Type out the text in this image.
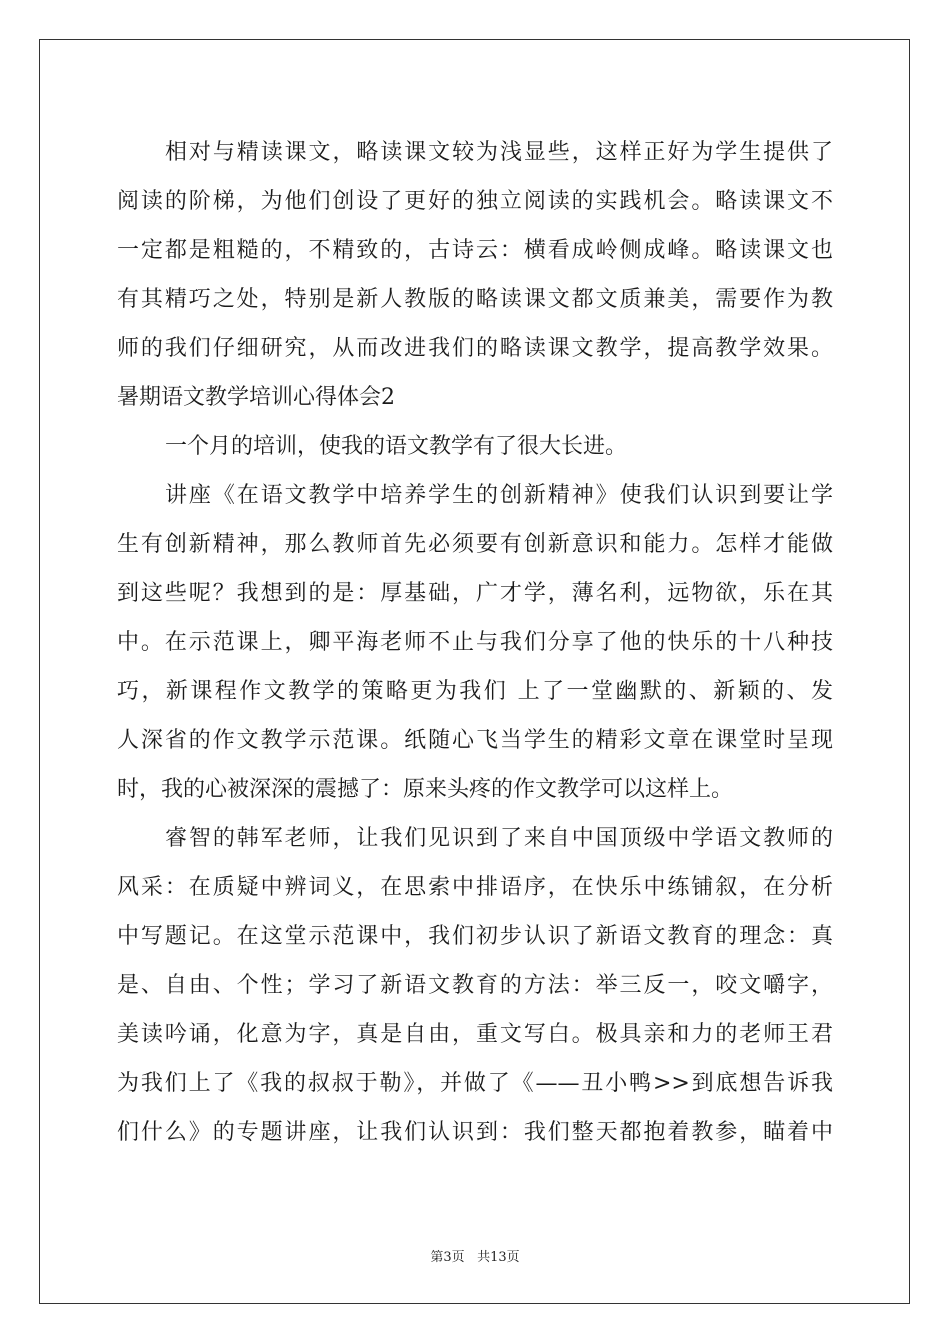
相对与精读课文，略读课文较为浅显些，这样正好为学生提供了
阅读的阶梯，为他们创设了更好的独立阅读的实践机会。略读课文不
一定都是粗糙的，不精致的，古诗云：横看成岭侧成峰。略读课文也
有其精巧之处，特别是新人教版的略读课文都文质兼美，需要作为教
师的我们仔细研究，从而改进我们的略读课文教学，提高教学效果。
暑期语文教学培训心得体会2
一个月的培训，使我的语文教学有了很大长进。
讲座《在语文教学中培养学生的创新精神》使我们认识到要让学
生有创新精神，那么教师首先必须要有创新意识和能力。怎样才能做
到这些呢？我想到的是：厚基础，广才学，薄名利，远物欲，乐在其
中。在示范课上，卿平海老师不止与我们分享了他的快乐的十八种技
巧，新课程作文教学的策略更为我们 上了一堂幽默的、新颖的、发
人深省的作文教学示范课。纸随心飞当学生的精彩文章在课堂时呈现
时，我的心被深深的震撼了：原来头疼的作文教学可以这样上。
睿智的韩军老师，让我们见识到了来自中国顶级中学语文教师的
风采：在质疑中辨词义，在思索中排语序，在快乐中练铺叙，在分析
中写题记。在这堂示范课中，我们初步认识了新语文教育的理念：真
是、自由、个性；学习了新语文教育的方法：举三反一，咬文嚼字，
美读吟诵，化意为字，真是自由，重文写白。极具亲和力的老师王君
为我们上了《我的叔叔于勒》，并做了《——丑小鸭>>到底想告诉我
们什么》的专题讲座，让我们认识到：我们整天都抱着教参，瞄着中
第3页 共13页
